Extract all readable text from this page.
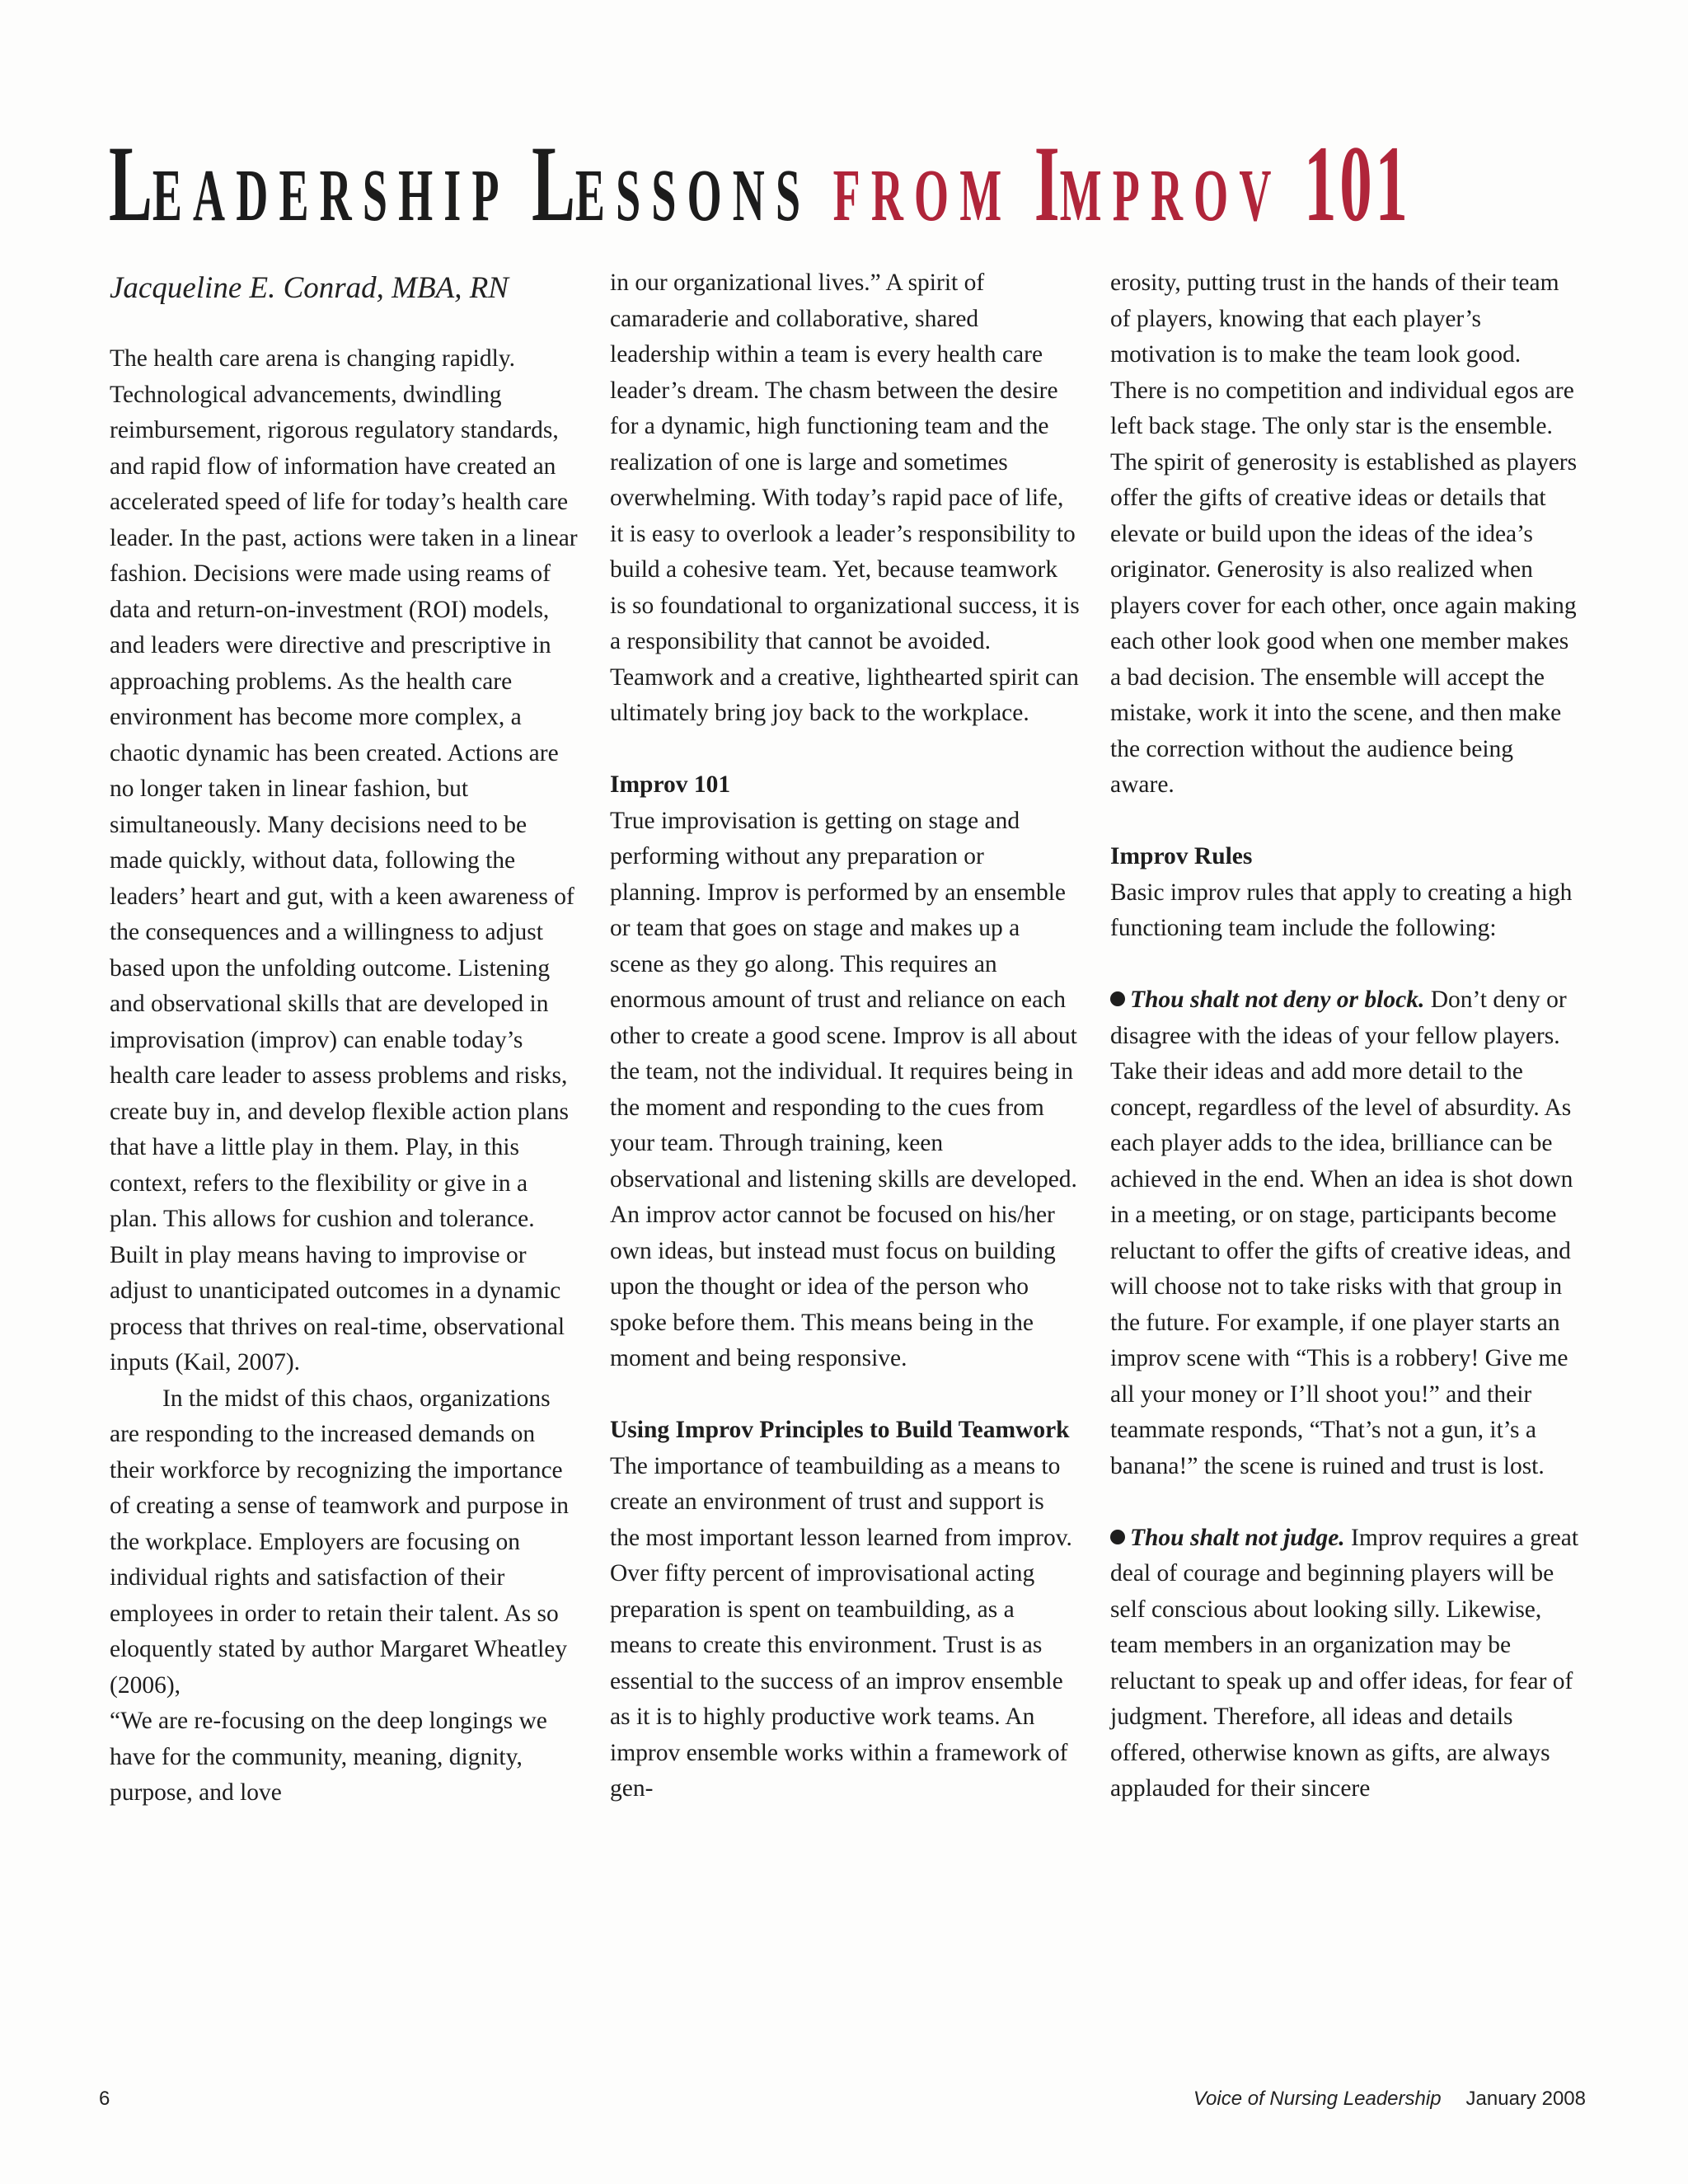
LEADERSHIP LESSONS FROM IMPROV 101

Jacqueline E. Conrad, MBA, RN

The health care arena is changing rapidly. Technological advancements, dwindling reimbursement, rigorous regulatory standards, and rapid flow of information have created an accelerated speed of life for today’s health care leader. In the past, actions were taken in a linear fashion. Decisions were made using reams of data and return-on-investment (ROI) models, and leaders were directive and prescriptive in approaching problems. As the health care environment has become more complex, a chaotic dynamic has been created. Actions are no longer taken in linear fashion, but simultaneously. Many decisions need to be made quickly, without data, following the leaders’ heart and gut, with a keen awareness of the consequences and a willingness to adjust based upon the unfolding outcome. Listening and observational skills that are developed in improvisation (improv) can enable today’s health care leader to assess problems and risks, create buy in, and develop flexible action plans that have a little play in them. Play, in this context, refers to the flexibility or give in a plan. This allows for cushion and tolerance. Built in play means having to improvise or adjust to unanticipated outcomes in a dynamic process that thrives on real-time, observational inputs (Kail, 2007).

In the midst of this chaos, organizations are responding to the increased demands on their workforce by recognizing the importance of creating a sense of teamwork and purpose in the workplace. Employers are focusing on individual rights and satisfaction of their employees in order to retain their talent. As so eloquently stated by author Margaret Wheatley (2006),

“We are re-focusing on the deep longings we have for the community, meaning, dignity, purpose, and love

in our organizational lives.” A spirit of camaraderie and collaborative, shared leadership within a team is every health care leader’s dream. The chasm between the desire for a dynamic, high functioning team and the realization of one is large and sometimes overwhelming. With today’s rapid pace of life, it is easy to overlook a leader’s responsibility to build a cohesive team. Yet, because teamwork is so foundational to organizational success, it is a responsibility that cannot be avoided. Teamwork and a creative, lighthearted spirit can ultimately bring joy back to the workplace.

Improv 101

True improvisation is getting on stage and performing without any preparation or planning. Improv is performed by an ensemble or team that goes on stage and makes up a scene as they go along. This requires an enormous amount of trust and reliance on each other to create a good scene. Improv is all about the team, not the individual. It requires being in the moment and responding to the cues from your team. Through training, keen observational and listening skills are developed. An improv actor cannot be focused on his/her own ideas, but instead must focus on building upon the thought or idea of the person who spoke before them. This means being in the moment and being responsive.

Using Improv Principles to Build Teamwork

The importance of teambuilding as a means to create an environment of trust and support is the most important lesson learned from improv. Over fifty percent of improvisational acting preparation is spent on teambuilding, as a means to create this environment. Trust is as essential to the success of an improv ensemble as it is to highly productive work teams. An improv ensemble works within a framework of gen-

erosity, putting trust in the hands of their team of players, knowing that each player’s motivation is to make the team look good. There is no competition and individual egos are left back stage. The only star is the ensemble. The spirit of generosity is established as players offer the gifts of creative ideas or details that elevate or build upon the ideas of the idea’s originator. Generosity is also realized when players cover for each other, once again making each other look good when one member makes a bad decision. The ensemble will accept the mistake, work it into the scene, and then make the correction without the audience being aware.

Improv Rules

Basic improv rules that apply to creating a high functioning team include the following:

Thou shalt not deny or block. Don’t deny or disagree with the ideas of your fellow players. Take their ideas and add more detail to the concept, regardless of the level of absurdity. As each player adds to the idea, brilliance can be achieved in the end. When an idea is shot down in a meeting, or on stage, participants become reluctant to offer the gifts of creative ideas, and will choose not to take risks with that group in the future. For example, if one player starts an improv scene with “This is a robbery! Give me all your money or I’ll shoot you!” and their teammate responds, “That’s not a gun, it’s a banana!” the scene is ruined and trust is lost.

Thou shalt not judge. Improv requires a great deal of courage and beginning players will be self conscious about looking silly. Likewise, team members in an organization may be reluctant to speak up and offer ideas, for fear of judgment. Therefore, all ideas and details offered, otherwise known as gifts, are always applauded for their sincere

6	Voice of Nursing Leadership January 2008
